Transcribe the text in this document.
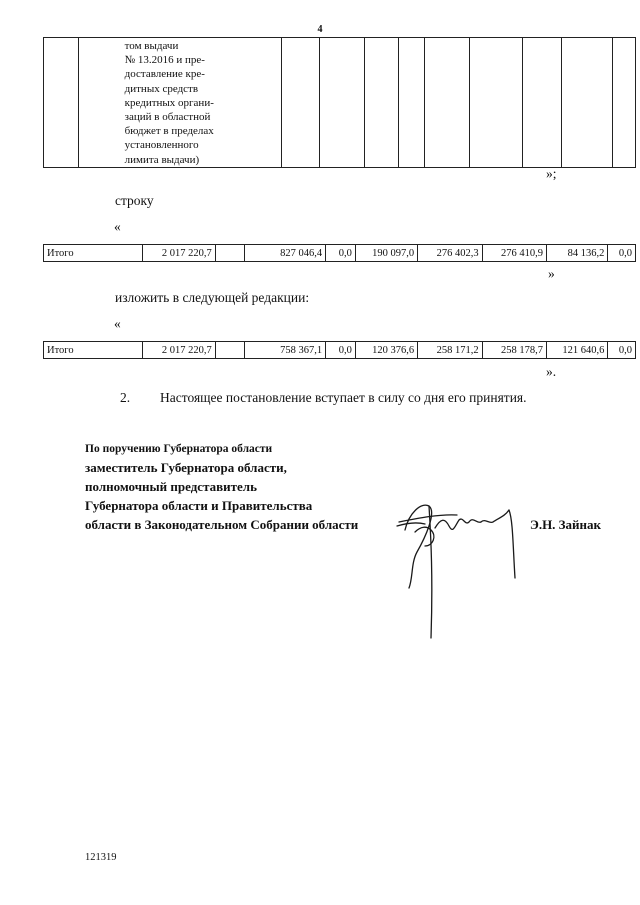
4

том выдачи
№ 13.2016 и пре-
доставление кре-
дитных средств
кредитных органи-
заций в областной
бюджет в пределах
установленного
лимита выдачи)

»;
строку
«
Итого	2 017 220,7		827 046,4	0,0	190 097,0	276 402,3	276 410,9	84 136,2	0,0
»
изложить в следующей редакции:
«
Итого	2 017 220,7		758 367,1	0,0	120 376,6	258 171,2	258 178,7	121 640,6	0,0
».
2. Настоящее постановление вступает в силу со дня его принятия.
По поручению Губернатора области
заместитель Губернатора области,
полномочный представитель
Губернатора области и Правительства
области в Законодательном Собрании области	Э.Н. Зайнак
121319
